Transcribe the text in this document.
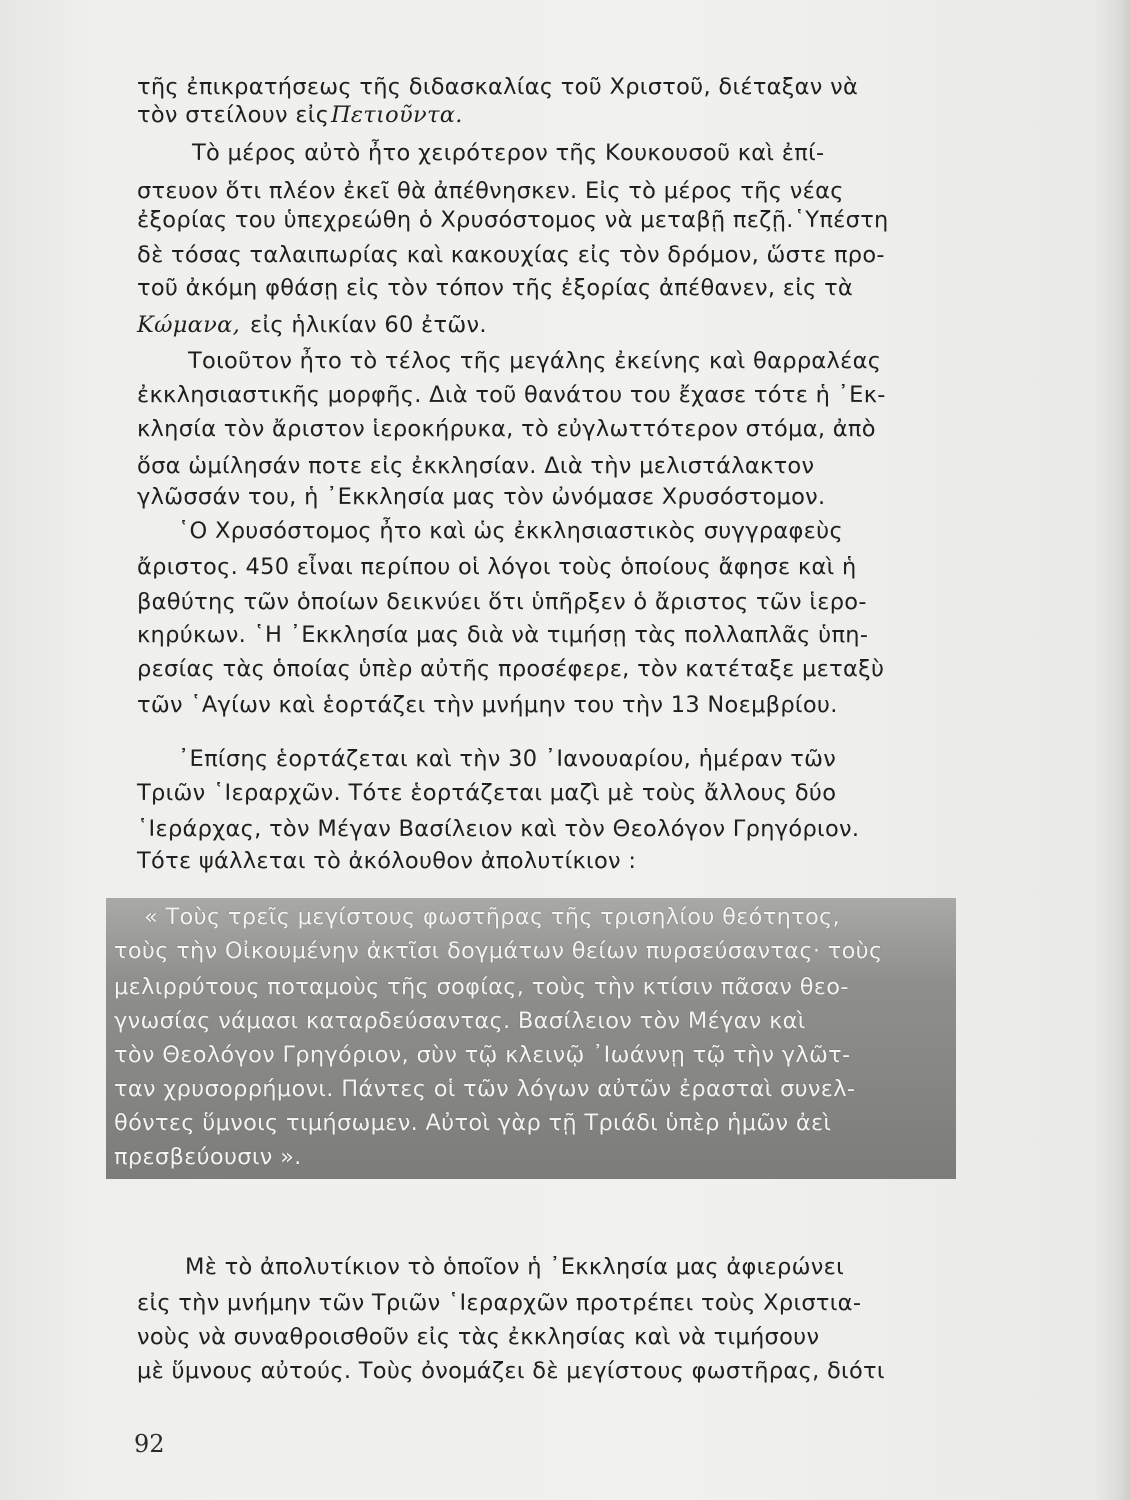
τῆς ἐπικρατήσεως τῆς διδασκαλίας τοῦ Χριστοῦ, διέταξαν νὰ
τὸν στείλουν εἰς Πετιοῦντα.
Τὸ μέρος αὐτὸ ἦτο χειρότερον τῆς Κουκουσοῦ καὶ ἐπί-
στευον ὅτι πλέον ἐκεῖ θὰ ἀπέθνησκεν. Εἰς τὸ μέρος τῆς νέας
ἐξορίας του ὑπεχρεώθη ὁ Χρυσόστομος νὰ μεταβῇ πεζῇ.῾Υπέστη
δὲ τόσας ταλαιπωρίας καὶ κακουχίας εἰς τὸν δρόμον, ὥστε προ-
τοῦ ἀκόμη φθάσῃ εἰς τὸν τόπον τῆς ἐξορίας ἀπέθανεν, εἰς τὰ
Κώμανα, εἰς ἡλικίαν 60 ἐτῶν.
Τοιοῦτον ἦτο τὸ τέλος τῆς μεγάλης ἐκείνης καὶ θαρραλέας
ἐκκλησιαστικῆς μορφῆς. Διὰ τοῦ θανάτου του ἔχασε τότε ἡ ᾿Εκ-
κλησία τὸν ἄριστον ἱεροκήρυκα, τὸ εὐγλωττότερον στόμα, ἀπὸ
ὅσα ὡμίλησάν ποτε εἰς ἐκκλησίαν. Διὰ τὴν μελιστάλακτον
γλῶσσάν του, ἡ ᾿Εκκλησία μας τὸν ὠνόμασε Χρυσόστομον.
῾Ο Χρυσόστομος ἦτο καὶ ὡς ἐκκλησιαστικὸς συγγραφεὺς
ἄριστος. 450 εἶναι περίπου οἱ λόγοι τοὺς ὁποίους ἄφησε καὶ ἡ
βαθύτης τῶν ὁποίων δεικνύει ὅτι ὑπῆρξεν ὁ ἄριστος τῶν ἱερο-
κηρύκων. ῾Η ᾿Εκκλησία μας διὰ νὰ τιμήσῃ τὰς πολλαπλᾶς ὑπη-
ρεσίας τὰς ὁποίας ὑπὲρ αὐτῆς προσέφερε, τὸν κατέταξε μεταξὺ
τῶν ῾Αγίων καὶ ἑορτάζει τὴν μνήμην του τὴν 13 Νοεμβρίου.
᾿Επίσης ἑορτάζεται καὶ τὴν 30 ᾿Ιανουαρίου, ἡμέραν τῶν
Τριῶν ῾Ιεραρχῶν. Τότε ἑορτάζεται μαζὶ μὲ τοὺς ἄλλους δύο
῾Ιεράρχας, τὸν Μέγαν Βασίλειον καὶ τὸν Θεολόγον Γρηγόριον.
Τότε ψάλλεται τὸ ἀκόλουθον ἀπολυτίκιον :
« Τοὺς τρεῖς μεγίστους φωστῆρας τῆς τρισηλίου θεότητος,
τοὺς τὴν Οἰκουμένην ἀκτῖσι δογμάτων θείων πυρσεύσαντας· τοὺς
μελιρρύτους ποταμοὺς τῆς σοφίας, τοὺς τὴν κτίσιν πᾶσαν θεο-
γνωσίας νάμασι καταρδεύσαντας. Βασίλειον τὸν Μέγαν καὶ
τὸν Θεολόγον Γρηγόριον, σὺν τῷ κλεινῷ ᾿Ιωάννῃ τῷ τὴν γλῶτ-
ταν χρυσορρήμονι. Πάντες οἱ τῶν λόγων αὐτῶν ἐρασταὶ συνελ-
θόντες ὕμνοις τιμήσωμεν. Αὐτοὶ γὰρ τῇ Τριάδι ὑπὲρ ἡμῶν ἀεὶ
πρεσβεύουσιν ».
Μὲ τὸ ἀπολυτίκιον τὸ ὁποῖον ἡ ᾿Εκκλησία μας ἀφιερώνει
εἰς τὴν μνήμην τῶν Τριῶν ῾Ιεραρχῶν προτρέπει τοὺς Χριστια-
νοὺς νὰ συναθροισθοῦν εἰς τὰς ἐκκλησίας καὶ νὰ τιμήσουν
μὲ ὕμνους αὐτούς. Τοὺς ὀνομάζει δὲ μεγίστους φωστῆρας, διότι
92
